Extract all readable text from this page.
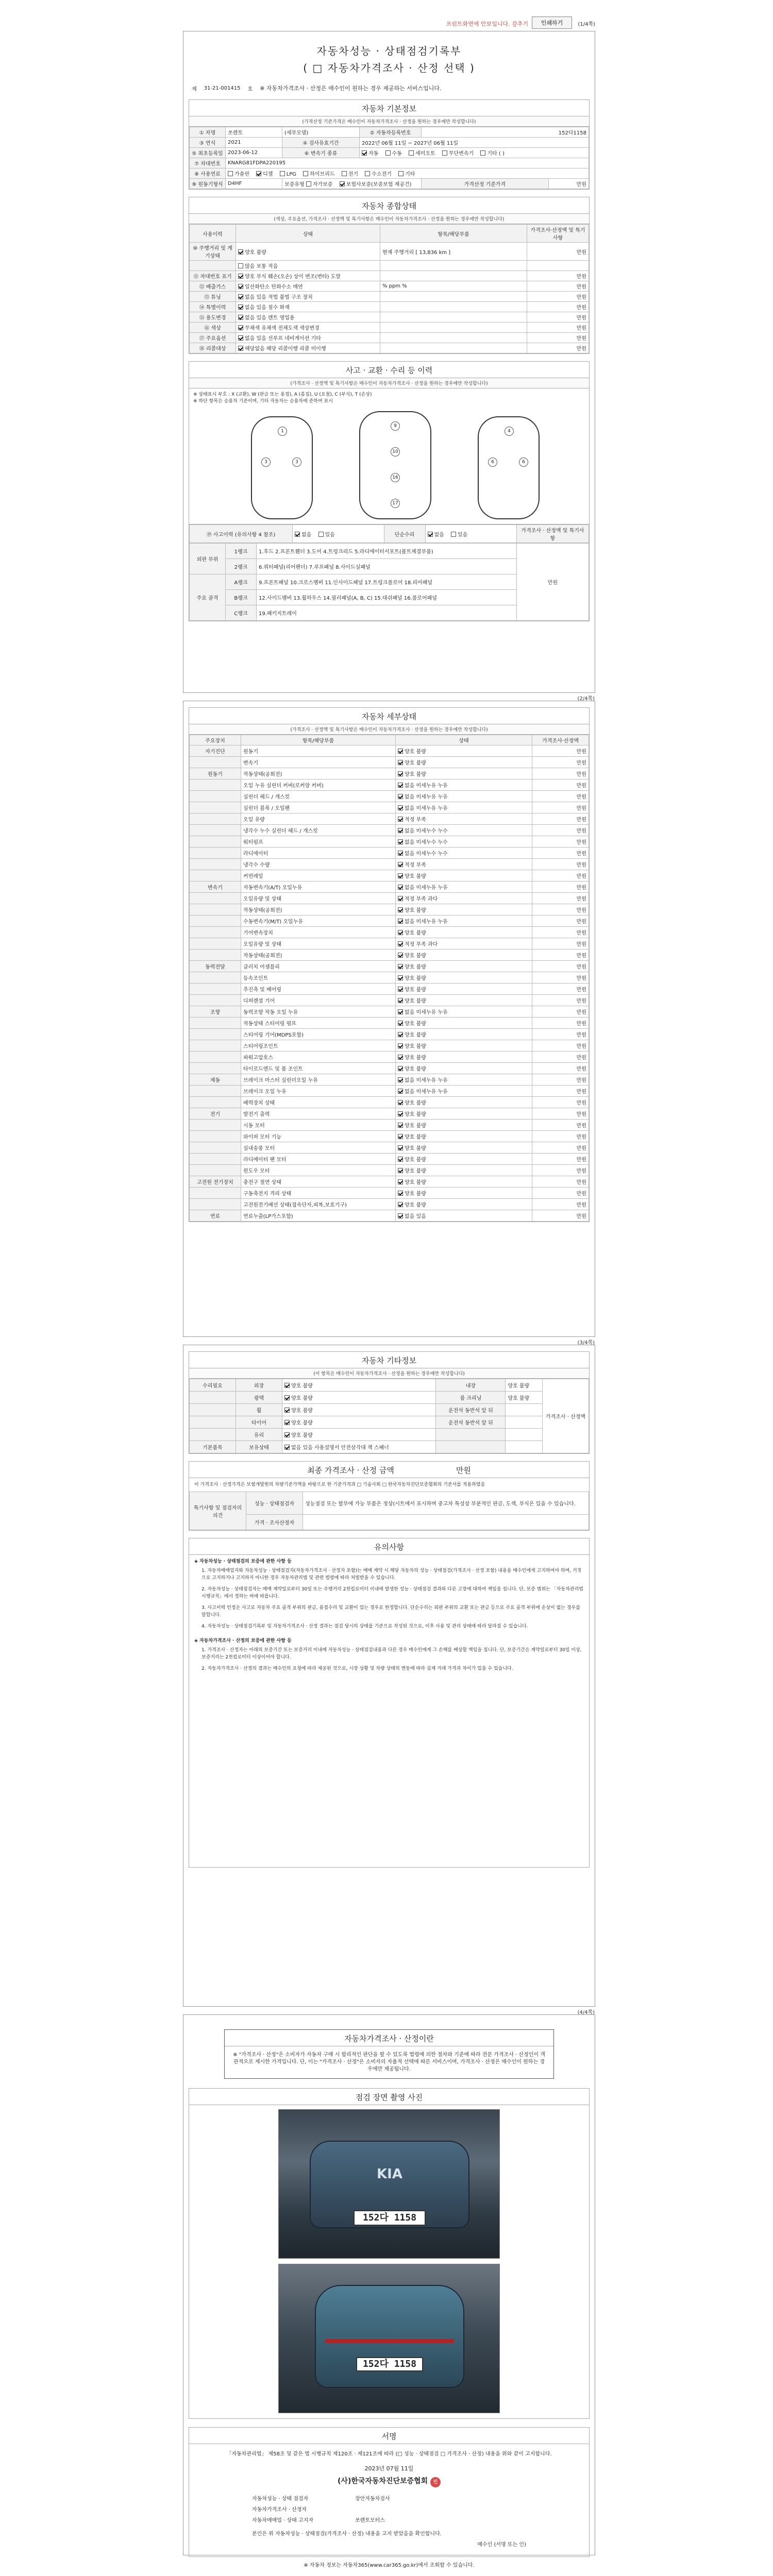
프린트화면에 안보입니다. 감추기	인쇄하기	(1/4쪽)
자동차성능 · 상태점검기록부
( □ 자동차가격조사 · 산정 선택 )
제 31-21-001415 호 ※ 자동차가격조사 · 산정은 매수인이 원하는 경우 제공하는 서비스입니다.
자동차 기본정보
(가격산정 기준가격은 매수인이 자동차가격조사 · 산정을 원하는 경우에만 작성합니다)
① 차명	쏘렌토	(세부모델)	② 자동차등록번호	152다1158	
③ 연식	2021	④ 검사유효기간	2022년 06월 11일 ~ 2027년 06월 11일		
⑤ 최초등록일	2023-06-12	⑥ 변속기 종류	자동 수동 세미오토 무단변속기 기타 ( )		
⑦ 차대번호	KNARG81FDPA220195				
⑧ 사용연료	가솔린 디젤 LPG 하이브리드 전기 수소전기 기타				
⑨ 원동기형식	D4HF	보증유형 자가보증 보험사보증(보증보험 제공건)		가격산정 기준가격	만원
자동차 종합상태
(색상, 주요옵션, 가격조사 · 산정액 및 특기사항은 매수인이 자동차가격조사 · 산정을 원하는 경우에만 작성합니다)
사용이력	상태	항목/해당부품	가격조사·산정액 및 특기사항
⑩ 주행거리 및 계기상태	양호 불량	현재 주행거리 [ 13,836 km ]	만원
	많음 보통 적음		
⑪ 차대번호 표기	양호 부식 훼손(오손) 상이 변조(변타) 도말		만원
⑫ 배출가스	일산화탄소 탄화수소 매연	% ppm %	만원
⑬ 튜닝	없음 있음 적법 불법 구조 장치		만원
⑭ 특별이력	없음 있음 침수 화재		만원
⑮ 용도변경	없음 있음 렌트 영업용		만원
⑯ 색상	무채색 유채색 전체도색 색상변경		만원
⑰ 주요옵션	없음 있음 선루프 네비게이션 기타		만원
⑱ 리콜대상	해당없음 해당 리콜이행 리콜 미이행		만원
사고 · 교환 · 수리 등 이력
(가격조사 · 산정액 및 특기사항은 매수인이 자동차가격조사 · 산정을 원하는 경우에만 작성합니다)
※ 상태표시 부호 : X (교환), W (판금 또는 용접), A (흠집), U (요철), C (부식), T (손상)
※ 하단 항목은 승용차 기준이며, 기타 자동차는 승용차에 준하여 표시
1
3	3
9
10
16
17
4
6	6
⑲ 사고이력 (유의사항 4 참조)	없음	있음	단순수리	없음	있음	가격조사 · 산정액 및 특기사항
외판 부위	1랭크	1.후드 2.프론트휀더 3.도어 4.트렁크리드 5.라디에이터서포트(볼트체결부품)	만원
	2랭크	6.쿼터패널(리어펜더) 7.루프패널 8.사이드실패널	
주요 골격	A랭크	9.프론트패널 10.크로스멤버 11.인사이드패널 17.트렁크플로어 18.리어패널	
	B랭크	12.사이드멤버 13.휠하우스 14.필러패널(A, B, C) 15.대쉬패널 16.플로어패널	
	C랭크	19.패키지트레이	
(2/4쪽)
자동차 세부상태
(가격조사 · 산정액 및 특기사항은 매수인이 자동차가격조사 · 산정을 원하는 경우에만 작성합니다)
주요장치	항목/해당부품	상태	가격조사·산정액
자기진단	원동기	양호 불량	만원
	변속기	양호 불량	만원
원동기	작동상태(공회전)	양호 불량	만원
	오일 누유 실린더 커버(로커암 커버)	없음 미세누유 누유	만원
	실린더 헤드 / 개스킷	없음 미세누유 누유	만원
	실린더 블록 / 오일팬	없음 미세누유 누유	만원
	오일 유량	적정 부족	만원
	냉각수 누수 실린더 헤드 / 개스킷	없음 미세누수 누수	만원
	워터펌프	없음 미세누수 누수	만원
	라디에이터	없음 미세누수 누수	만원
	냉각수 수량	적정 부족	만원
	커먼레일	양호 불량	만원
변속기	자동변속기(A/T) 오일누유	없음 미세누유 누유	만원
	오일유량 및 상태	적정 부족 과다	만원
	작동상태(공회전)	양호 불량	만원
	수동변속기(M/T) 오일누유	없음 미세누유 누유	만원
	기어변속장치	양호 불량	만원
	오일유량 및 상태	적정 부족 과다	만원
	작동상태(공회전)	양호 불량	만원
동력전달	클러치 어셈블리	양호 불량	만원
	등속조인트	양호 불량	만원
	추진축 및 베어링	양호 불량	만원
	디퍼렌셜 기어	양호 불량	만원
조향	동력조향 작동 오일 누유	없음 미세누유 누유	만원
	작동상태 스티어링 펌프	양호 불량	만원
	스티어링 기어(MDPS포함)	양호 불량	만원
	스티어링조인트	양호 불량	만원
	파워고압호스	양호 불량	만원
	타이로드엔드 및 볼 조인트	양호 불량	만원
제동	브레이크 마스터 실린더오일 누유	없음 미세누유 누유	만원
	브레이크 오일 누유	없음 미세누유 누유	만원
	배력장치 상태	양호 불량	만원
전기	발전기 출력	양호 불량	만원
	시동 모터	양호 불량	만원
	와이퍼 모터 기능	양호 불량	만원
	실내송풍 모터	양호 불량	만원
	라디에이터 팬 모터	양호 불량	만원
	윈도우 모터	양호 불량	만원
고전원 전기장치	충전구 절연 상태	양호 불량	만원
	구동축전지 격리 상태	양호 불량	만원
	고전원전기배선 상태(접속단자,피복,보호기구)	양호 불량	만원
연료	연료누출(LP가스포함)	없음 있음	만원
(3/4쪽)
자동차 기타정보
(이 항목은 매수인이 자동차가격조사 · 산정을 원하는 경우에만 작성합니다)
수리필요	외장	양호 불량	내장	양호 불량	가격조사 · 산정액
	광택	양호 불량	룸 크리닝	양호 불량	
	휠	양호 불량	운전석 동반석 앞 뒤		
	타이어	양호 불량	운전석 동반석 앞 뒤		
	유리	양호 불량			
기본품목	보유상태	없음 있음 사용설명서 안전삼각대 잭 스패너			
최종 가격조사 · 산정 금액	만원
이 가격조사 · 산정가격은 보험개발원의 차량기준가액을 바탕으로 한 기준가격과 □ 기술사회 □ 한국자동차진단보증협회의 기준서를 적용하였음
특기사항 및 점검자의 의견	성능 · 상태점검자	성능점검 또는 할부에 가능 부품은 정상(시트에서 표시하며 중고차 특성상 부분적인 판금, 도색, 부식은 있을 수 있습니다.
	가격 · 조사산정자	
유의사항
◈ 자동차성능 · 상태점검의 보증에 관한 사항 등

1. 자동차매매업자와 자동차성능 · 상태점검자(자동차가격조사 · 산정자 포함)는 매매 계약 시 해당 자동차의 성능 · 상태점검(가격조사 · 산정 포함) 내용을 매수인에게 고지하여야 하며, 거짓으로 고지하거나 고지하지 아니한 경우 자동차관리법 및 관련 법령에 따라 처벌받을 수 있습니다.

2. 자동차성능 · 상태점검자는 매매 계약일로부터 30일 또는 주행거리 2천킬로미터 이내에 발생한 성능 · 상태점검 결과와 다른 고장에 대하여 책임을 집니다. 단, 보증 범위는 「자동차관리법 시행규칙」에서 정하는 바에 따릅니다.

3. 사고이력 인정은 사고로 자동차 주요 골격 부위의 판금, 용접수리 및 교환이 있는 경우로 한정합니다. 단순수리는 외판 부위의 교환 또는 판금 등으로 주요 골격 부위에 손상이 없는 경우를 말합니다.

4. 자동차성능 · 상태점검기록부 및 자동차가격조사 · 산정 결과는 점검 당시의 상태를 기준으로 작성된 것으로, 이후 사용 및 관리 상태에 따라 달라질 수 있습니다.

◈ 자동차가격조사 · 산정의 보증에 관한 사항 등

1. 가격조사 · 산정자는 아래의 보증기간 또는 보증거리 이내에 자동차성능 · 상태점검내용과 다른 경우 매수인에게 그 손해를 배상할 책임을 집니다. 단, 보증기간은 계약일로부터 30일 이상, 보증거리는 2천킬로미터 이상이어야 합니다.

2. 자동차가격조사 · 산정의 결과는 매수인의 요청에 따라 제공된 것으로, 시장 상황 및 차량 상태의 변동에 따라 실제 거래 가격과 차이가 있을 수 있습니다.

(4/4쪽)
자동차가격조사 · 산정이란
※ "가격조사 · 산정"은 소비자가 자동차 구매 시 합리적인 판단을 할 수 있도록 법령에 의한 절차와 기준에 따라 전문 가격조사 · 산정인이 객관적으로 제시한 가격입니다. 단, 이는 "가격조사 · 산정"은 소비자의 자율적 선택에 따른 서비스이며, 가격조사 · 산정은 매수인이 원하는 경우에만 제공됩니다.
점검 장면 촬영 사진
KIA
152다 1158
152다 1158
서명
「자동차관리법」 제58조 및 같은 법 시행규칙 제120조 · 제121조에 따라 (□ 성능 · 상태점검 □ 가격조사 · 산정) 내용을 위와 같이 고지합니다.
2023년 07월 11일
(사)한국자동차진단보증협회 인
자동차성능 · 상태 점검자	장안자동차검사
자동차가격조사 · 산정자	
자동차매매업 · 상태 고지자	쏘렌토모터스
본인은 위 자동차성능 · 상태점검(가격조사 · 산정) 내용을 고지 받았음을 확인합니다.	
매수인 (서명 또는 인)	
※ 자동차 정보는 자동차365(www.car365.go.kr)에서 조회할 수 있습니다.
